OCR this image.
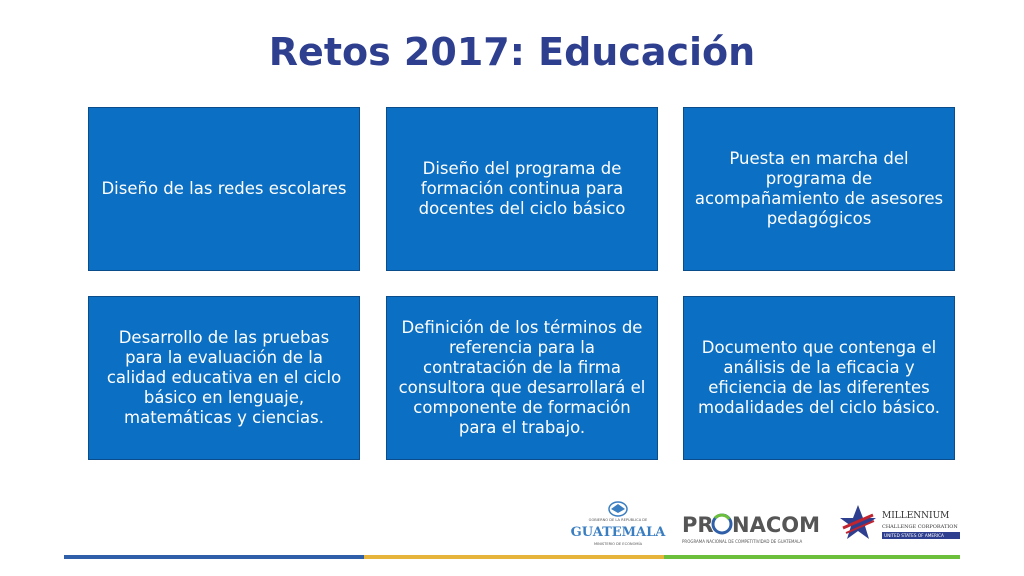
Retos 2017: Educación
Diseño de las redes escolares
Diseño del programa de formación continua para docentes del ciclo básico
Puesta en marcha del programa de acompañamiento de asesores pedagógicos
Desarrollo de las pruebas para la evaluación de la calidad educativa en el ciclo básico en lenguaje, matemáticas y ciencias.
Definición de los términos de referencia para la contratación de la firma consultora que desarrollará el componente de formación para el trabajo.
Documento que contenga el análisis de la eficacia y eficiencia de las diferentes modalidades del ciclo básico.
GOBIERNO DE LA REPÚBLICA DE
GUATEMALA
MINISTERIO DE ECONOMÍA
PR NACOM
PROGRAMA NACIONAL DE COMPETITIVIDAD DE GUATEMALA
MILLENNIUM
CHALLENGE CORPORATION
UNITED STATES OF AMERICA
